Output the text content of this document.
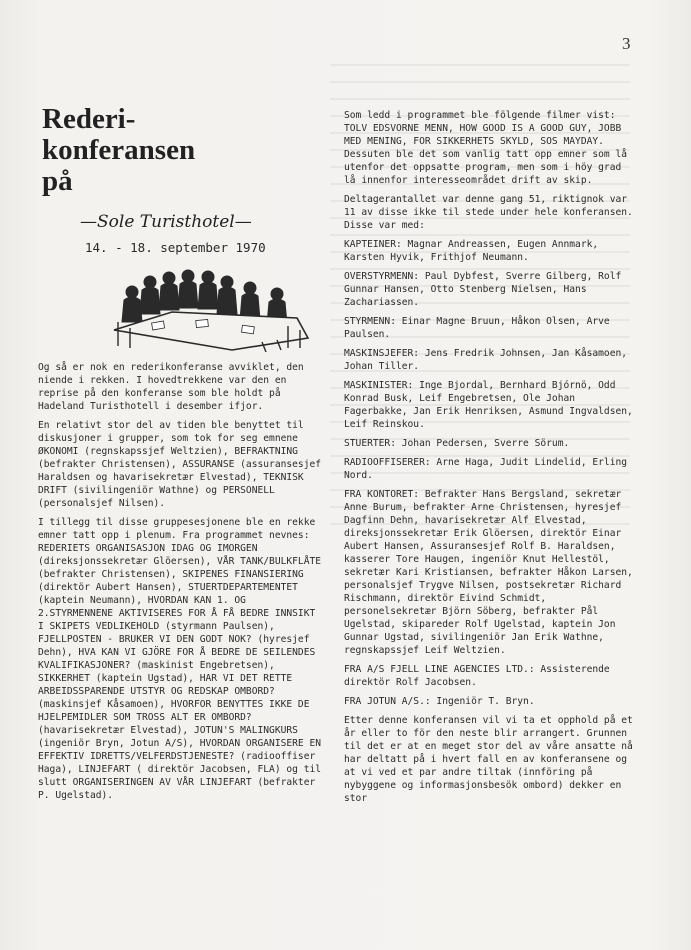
3
Rederi-
konferansen
på
—Sole Turisthotel—
14. - 18. september 1970

Og så er nok en rederikonferanse avviklet, den niende i rekken. I hovedtrekkene var den en reprise på den konferanse som ble holdt på Hadeland Turisthotell i desember ifjor.

En relativt stor del av tiden ble benyttet til diskusjoner i grupper, som tok for seg emnene ØKONOMI (regnskapssjef Weltzien), BEFRAKTNING (befrakter Christensen), ASSURANSE (assuransesjef Haraldsen og havarisekretær Elvestad), TEKNISK DRIFT (sivilingeniör Wathne) og PERSONELL (personalsjef Nilsen).

I tillegg til disse gruppesesjonene ble en rekke emner tatt opp i plenum. Fra programmet nevnes: REDERIETS ORGANISASJON IDAG OG IMORGEN (direksjonssekretær Glöersen), VÅR TANK/BULKFLÅTE (befrakter Christensen), SKIPENES FINANSIERING (direktör Aubert Hansen), STUERTDEPARTEMENTET (kaptein Neumann), HVORDAN KAN 1. OG 2.STYRMENNENE AKTIVISERES FOR Å FÅ BEDRE INNSIKT I SKIPETS VEDLIKEHOLD (styrmann Paulsen), FJELLPOSTEN - BRUKER VI DEN GODT NOK? (hyresjef Dehn), HVA KAN VI GJÖRE FOR Å BEDRE DE SEILENDES KVALIFIKASJONER? (maskinist Engebretsen), SIKKERHET (kaptein Ugstad), HAR VI DET RETTE ARBEIDSSPARENDE UTSTYR OG REDSKAP OMBORD? (maskinsjef Kåsamoen), HVORFOR BENYTTES IKKE DE HJELPEMIDLER SOM TROSS ALT ER OMBORD? (havarisekretær Elvestad), JOTUN'S MALINGKURS (ingeniör Bryn, Jotun A/S), HVORDAN ORGANISERE EN EFFEKTIV IDRETTS/VELFERDSTJENESTE? (radiooffiser Haga), LINJEFART ( direktör Jacobsen, FLA) og til slutt ORGANISERINGEN AV VÅR LINJEFART (befrakter P. Ugelstad).

Som ledd i programmet ble fölgende filmer vist: TOLV EDSVORNE MENN, HOW GOOD IS A GOOD GUY, JOBB MED MENING, FOR SIKKERHETS SKYLD, SOS MAYDAY. Dessuten ble det som vanlig tatt opp emner som lå utenfor det oppsatte program, men som i höy grad lå innenfor interesseområdet drift av skip.

Deltagerantallet var denne gang 51, riktignok var 11 av disse ikke til stede under hele konferansen. Disse var med:

KAPTEINER: Magnar Andreassen, Eugen Annmark, Karsten Hyvik, Frithjof Neumann.

OVERSTYRMENN: Paul Dybfest, Sverre Gilberg, Rolf Gunnar Hansen, Otto Stenberg Nielsen, Hans Zachariassen.

STYRMENN: Einar Magne Bruun, Håkon Olsen, Arve Paulsen.

MASKINSJEFER: Jens Fredrik Johnsen, Jan Kåsamoen, Johan Tiller.

MASKINISTER: Inge Bjordal, Bernhard Bjórnö, Odd Konrad Busk, Leif Engebretsen, Ole Johan Fagerbakke, Jan Erik Henriksen, Asmund Ingvaldsen, Leif Reinskou.

STUERTER: Johan Pedersen, Sverre Sörum.

RADIOOFFISERER: Arne Haga, Judit Lindelid, Erling Nord.

FRA KONTORET: Befrakter Hans Bergsland, sekretær Anne Burum, befrakter Arne Christensen, hyresjef Dagfinn Dehn, havarisekretær Alf Elvestad, direksjonssekretær Erik Glöersen, direktör Einar Aubert Hansen, Assuransesjef Rolf B. Haraldsen, kasserer Tore Haugen, ingeniör Knut Hellestöl, sekretær Kari Kristiansen, befrakter Håkon Larsen, personalsjef Trygve Nilsen, postsekretær Richard Rischmann, direktör Eivind Schmidt, personelsekretær Björn Söberg, befrakter Pål Ugelstad, skipareder Rolf Ugelstad, kaptein Jon Gunnar Ugstad, sivilingeniör Jan Erik Wathne, regnskapssjef Leif Weltzien.

FRA A/S FJELL LINE AGENCIES LTD.: Assisterende direktör Rolf Jacobsen.

FRA JOTUN A/S.: Ingeniör T. Bryn.

Etter denne konferansen vil vi ta et opphold på et år eller to för den neste blir arrangert. Grunnen til det er at en meget stor del av våre ansatte nå har deltatt på i hvert fall en av konferansene og at vi ved et par andre tiltak (innföring på nybyggene og informasjonsbesök ombord) dekker en stor
